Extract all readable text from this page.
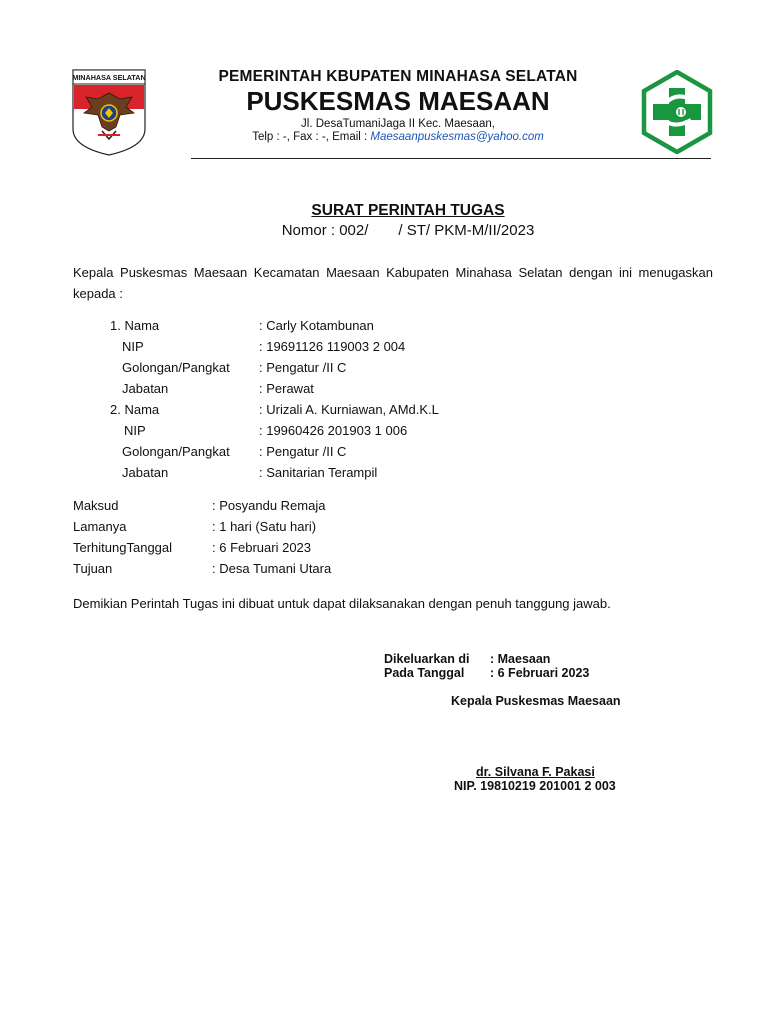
MINAHASA SELATAN	PEMERINTAH KBUPATEN MINAHASA SELATAN
PUSKESMAS MAESAAN
Jl. DesaTumaniJaga II Kec. Maesaan,
Telp : -, Fax : -, Email : Maesaanpuskesmas@yahoo.com
SURAT PERINTAH TUGAS
Nomor : 002/ / ST/ PKM-M/II/2023
Kepala Puskesmas Maesaan Kecamatan Maesaan Kabupaten Minahasa Selatan dengan ini menugaskan kepada :
1. Nama	: Carly Kotambunan
NIP	: 19691126 119003 2 004
Golongan/Pangkat : Pengatur /II C
Jabatan	: Perawat
2. Nama	: Urizali A. Kurniawan, AMd.K.L
NIP	: 19960426 201903 1 006
Golongan/Pangkat : Pengatur /II C
Jabatan	: Sanitarian Terampil
Maksud	: Posyandu Remaja
Lamanya	: 1 hari (Satu hari)
TerhitungTanggal	: 6 Februari 2023
Tujuan	: Desa Tumani Utara
Demikian Perintah Tugas ini dibuat untuk dapat dilaksanakan dengan penuh tanggung jawab.
Dikeluarkan di : Maesaan
Pada Tanggal : 6 Februari 2023
Kepala Puskesmas Maesaan
dr. Silvana F. Pakasi
NIP. 19810219 201001 2 003
